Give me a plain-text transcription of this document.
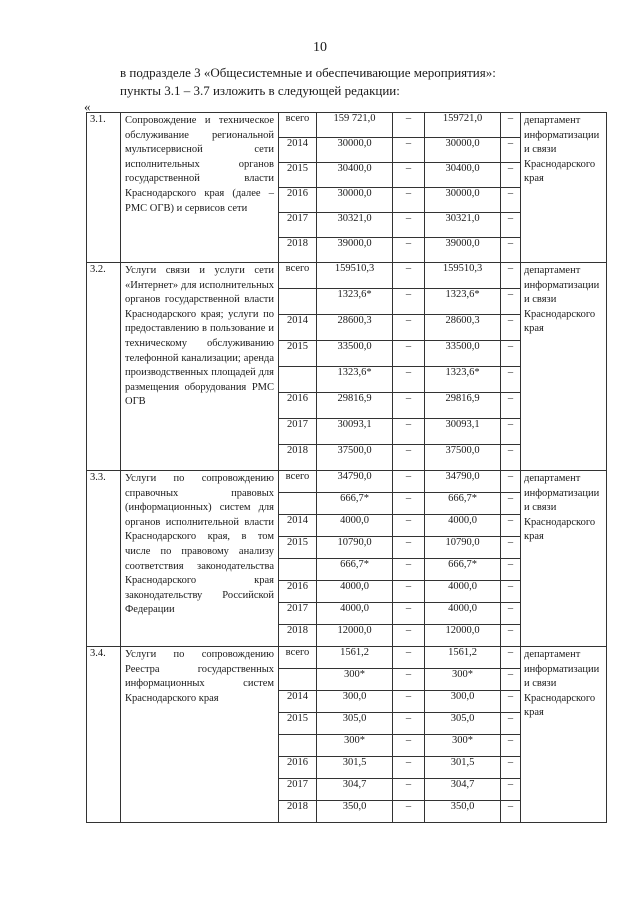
10
в подразделе 3 «Общесистемные и обеспечивающие мероприятия»:
пункты 3.1 – 3.7 изложить в следующей редакции:
«
3.1.	Сопровождение и техническое обслуживание региональной мультисервисной сети исполнительных органов государственной власти Краснодарского края (далее – РМС ОГВ) и сервисов сети	всего	159 721,0	–	159721,0	–	департамент информатизации и связи Краснодарского края
		2014	30000,0	–	30000,0	–	
		2015	30400,0	–	30400,0	–	
		2016	30000,0	–	30000,0	–	
		2017	30321,0	–	30321,0	–	
		2018	39000,0	–	39000,0	–	
3.2.	Услуги связи и услуги сети «Интернет» для исполнительных органов государственной власти Краснодарского края; услуги по предоставлению в пользование и техническому обслуживанию телефонной канализации; аренда производственных площадей для размещения оборудования РМС ОГВ	всего	159510,3	–	159510,3	–	департамент информатизации и связи Краснодарского края
			1323,6*	–	1323,6*	–	
		2014	28600,3	–	28600,3	–	
		2015	33500,0	–	33500,0	–	
			1323,6*	–	1323,6*	–	
		2016	29816,9	–	29816,9	–	
		2017	30093,1	–	30093,1	–	
		2018	37500,0	–	37500,0	–	
3.3.	Услуги по сопровождению справочных правовых (информационных) систем для органов исполнительной власти Краснодарского края, в том числе по правовому анализу соответствия законодательства Краснодарского края законодательству Российской Федерации	всего	34790,0	–	34790,0	–	департамент информатизации и связи Краснодарского края
			666,7*	–	666,7*	–	
		2014	4000,0	–	4000,0	–	
		2015	10790,0	–	10790,0	–	
			666,7*	–	666,7*	–	
		2016	4000,0	–	4000,0	–	
		2017	4000,0	–	4000,0	–	
		2018	12000,0	–	12000,0	–	
3.4.	Услуги по сопровождению Реестра государственных информационных систем Краснодарского края	всего	1561,2	–	1561,2	–	департамент информатизации и связи Краснодарского края
			300*	–	300*	–	
		2014	300,0	–	300,0	–	
		2015	305,0	–	305,0	–	
			300*	–	300*	–	
		2016	301,5	–	301,5	–	
		2017	304,7	–	304,7	–	
		2018	350,0	–	350,0	–	
